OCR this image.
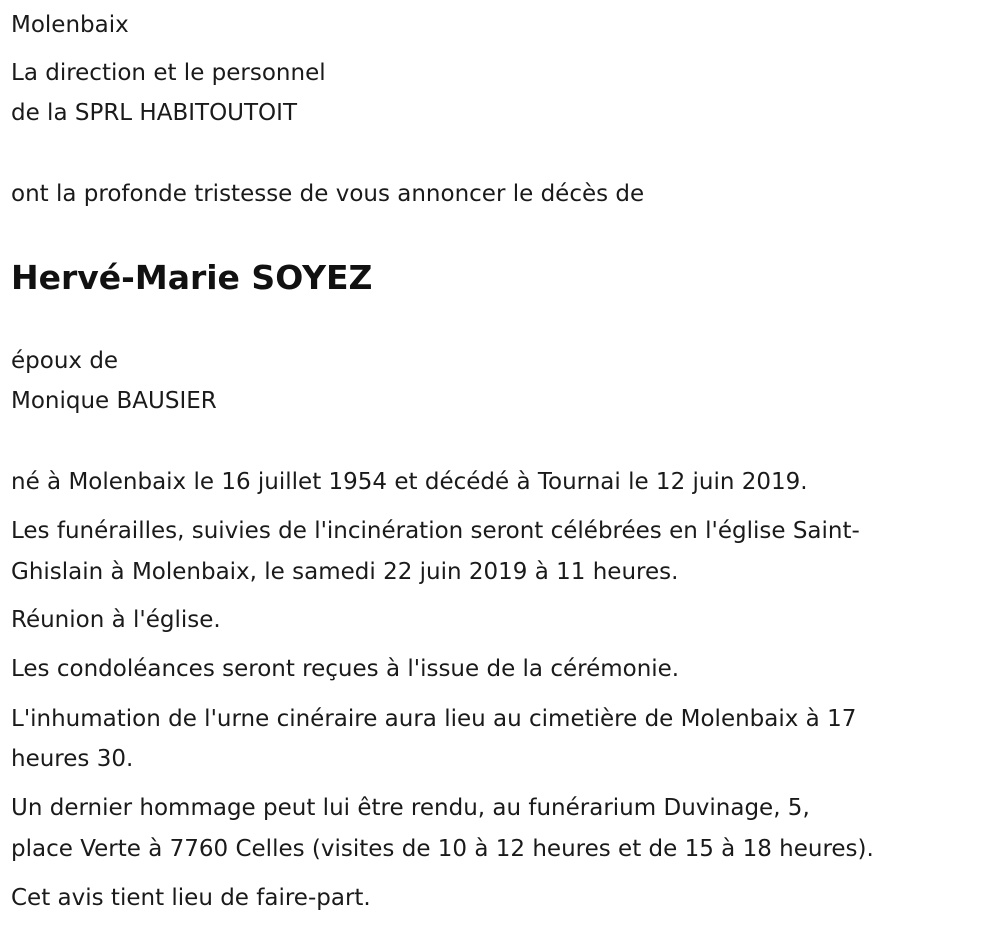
Molenbaix
La direction et le personnel
de la SPRL HABITOUTOIT
ont la profonde tristesse de vous annoncer le décès de
Hervé-Marie SOYEZ
époux de
Monique BAUSIER
né à Molenbaix le 16 juillet 1954 et décédé à Tournai le 12 juin 2019.
Les funérailles, suivies de l'incinération seront célébrées en l'église Saint-
Ghislain à Molenbaix, le samedi 22 juin 2019 à 11 heures.
Réunion à l'église.
Les condoléances seront reçues à l'issue de la cérémonie.
L'inhumation de l'urne cinéraire aura lieu au cimetière de Molenbaix à 17
heures 30.
Un dernier hommage peut lui être rendu, au funérarium Duvinage, 5,
place Verte à 7760 Celles (visites de 10 à 12 heures et de 15 à 18 heures).
Cet avis tient lieu de faire-part.
